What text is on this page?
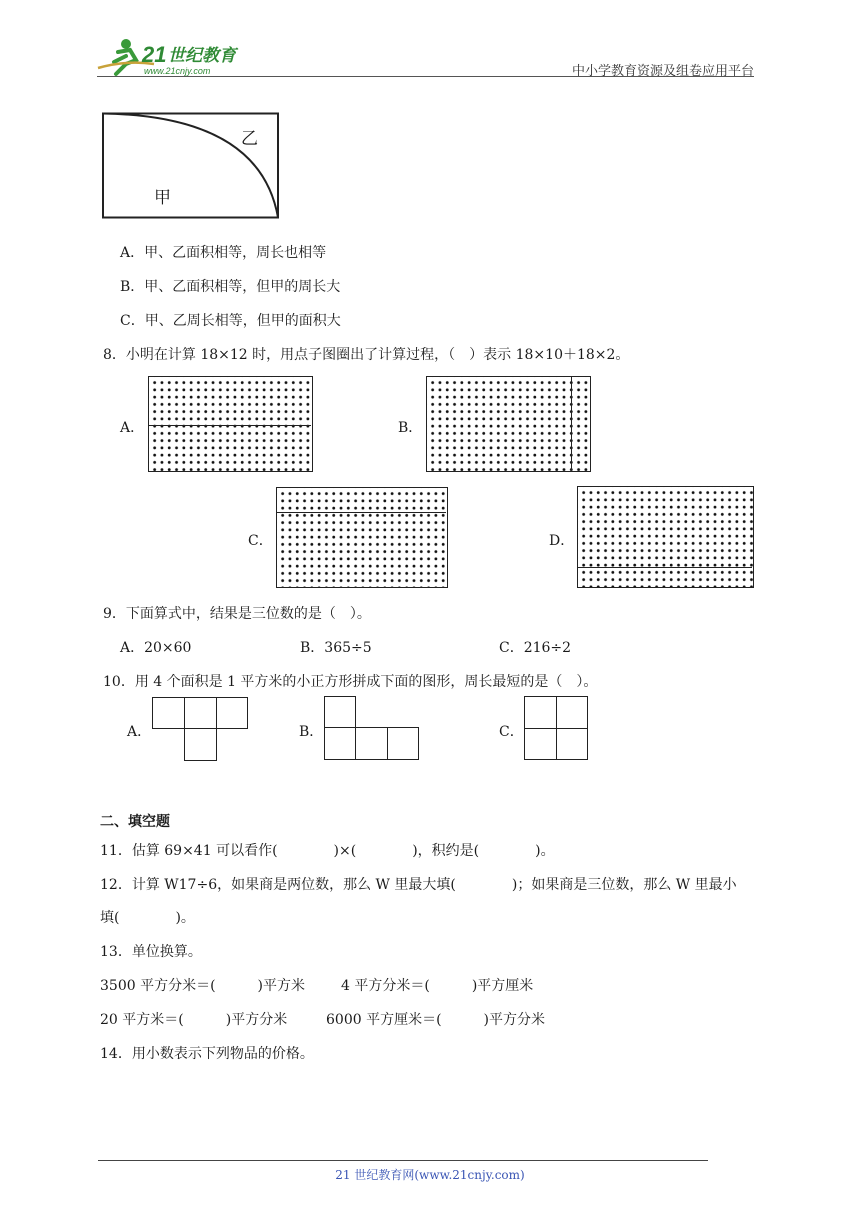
21 世纪教育
www.21cnjy.com	中小学教育资源及组卷应用平台
乙
甲
A．甲、乙面积相等，周长也相等
B．甲、乙面积相等，但甲的周长大
C．甲、乙周长相等，但甲的面积大
8．小明在计算 18×12 时，用点子图圈出了计算过程，（　）表示 18×10＋18×2。
A．	B．
C．	D．
9．下面算式中，结果是三位数的是（　）。
A．20×60	B．365÷5	C．216÷2
10．用 4 个面积是 1 平方米的小正方形拼成下面的图形，周长最短的是（　）。
A．	B．	C．
二、填空题
11．估算 69×41 可以看作(　　　　)×(　　　　)，积约是(　　　　)。
12．计算 W17÷6，如果商是两位数，那么 W 里最大填(　　　　)；如果商是三位数，那么 W 里最小
填(　　　　)。
13．单位换算。
3500 平方分米＝(　　　)平方米	4 平方分米＝(　　　)平方厘米
20 平方米＝(　　　)平方分米	6000 平方厘米＝(　　　)平方分米
14．用小数表示下列物品的价格。
21 世纪教育网(www.21cnjy.com)
